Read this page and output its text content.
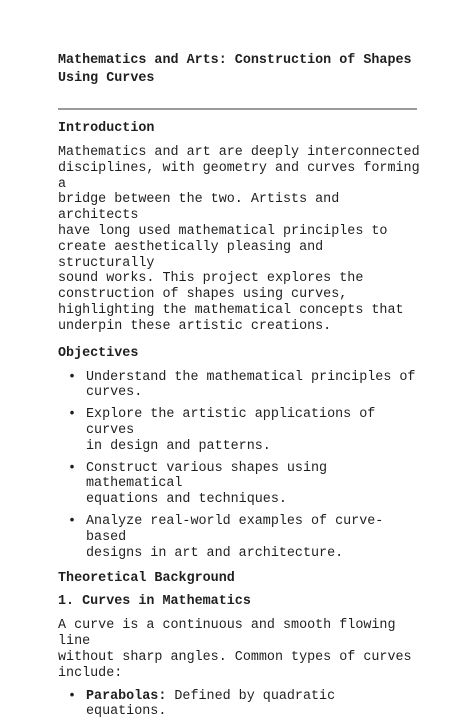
Mathematics and Arts: Construction of Shapes
Using Curves
Introduction
Mathematics and art are deeply interconnected
disciplines, with geometry and curves forming a
bridge between the two. Artists and architects
have long used mathematical principles to
create aesthetically pleasing and structurally
sound works. This project explores the
construction of shapes using curves,
highlighting the mathematical concepts that
underpin these artistic creations.
Objectives
• Understand the mathematical principles of
curves.
• Explore the artistic applications of curves
in design and patterns.
• Construct various shapes using mathematical
equations and techniques.
• Analyze real-world examples of curve-based
designs in art and architecture.
Theoretical Background
1. Curves in Mathematics
A curve is a continuous and smooth flowing line
without sharp angles. Common types of curves
include:
• Parabolas: Defined by quadratic equations.
